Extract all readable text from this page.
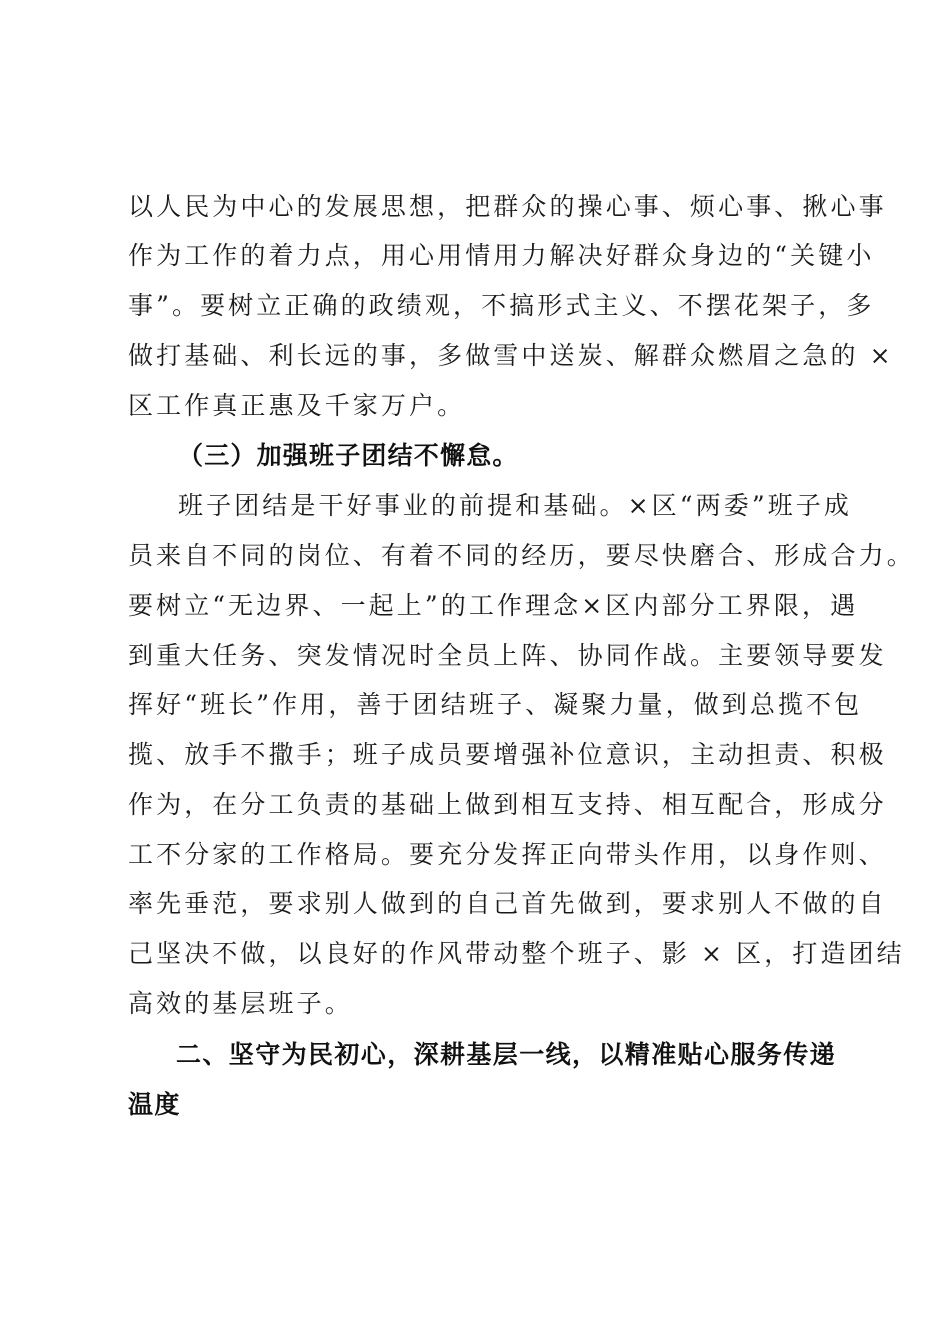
以人民为中心的发展思想，把群众的操心事、烦心事、揪心事
作为工作的着力点，用心用情用力解决好群众身边的“关键小
事”。要树立正确的政绩观，不搞形式主义、不摆花架子，多
做打基础、利长远的事，多做雪中送炭、解群众燃眉之急的 ×
区工作真正惠及千家万户。
（三）加强班子团结不懈怠。
班子团结是干好事业的前提和基础。×区“两委”班子成
员来自不同的岗位、有着不同的经历，要尽快磨合、形成合力。
要树立“无边界、一起上”的工作理念×区内部分工界限，遇
到重大任务、突发情况时全员上阵、协同作战。主要领导要发
挥好“班长”作用，善于团结班子、凝聚力量，做到总揽不包
揽、放手不撒手；班子成员要增强补位意识，主动担责、积极
作为，在分工负责的基础上做到相互支持、相互配合，形成分
工不分家的工作格局。要充分发挥正向带头作用，以身作则、
率先垂范，要求别人做到的自己首先做到，要求别人不做的自
己坚决不做，以良好的作风带动整个班子、影 × 区，打造团结
高效的基层班子。
二、坚守为民初心，深耕基层一线，以精准贴心服务传递
温度
